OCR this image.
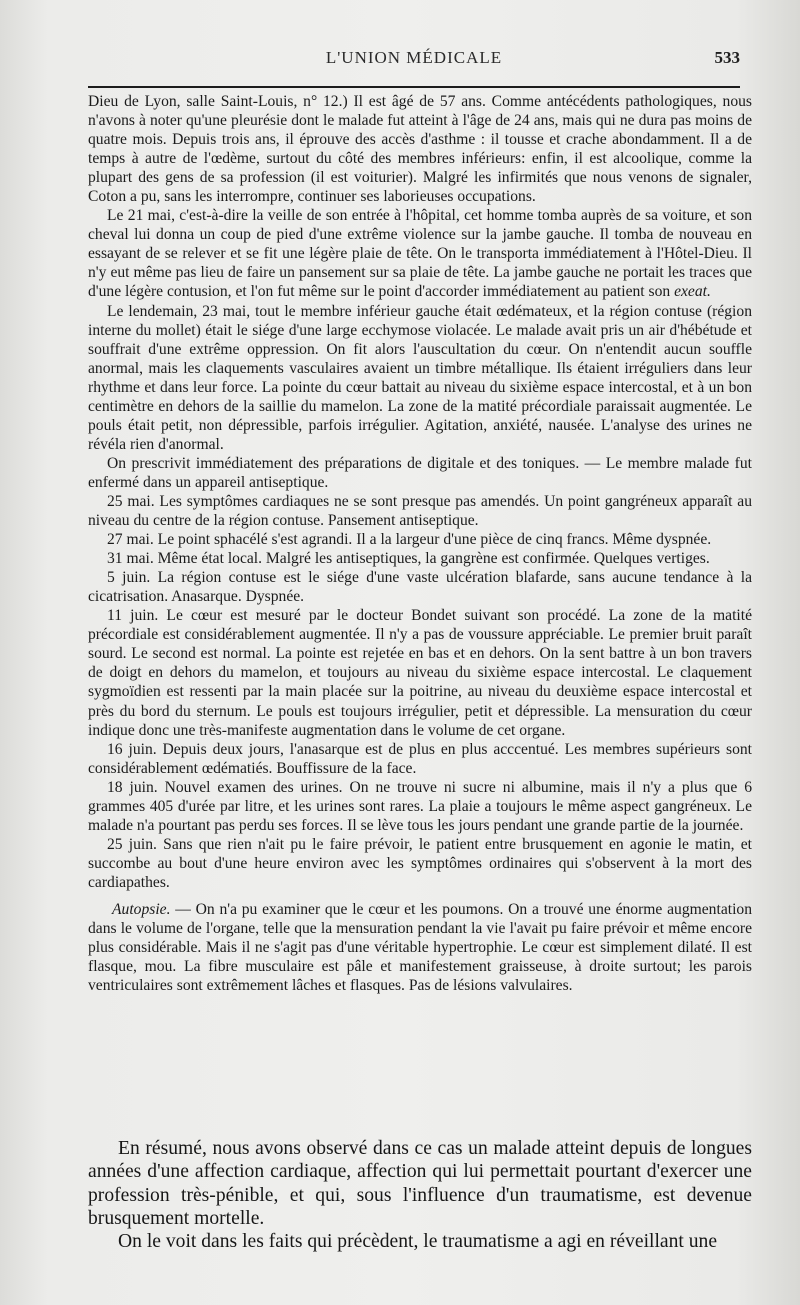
L'UNION MÉDICALE	533

Dieu de Lyon, salle Saint-Louis, n° 12.) Il est âgé de 57 ans. Comme antécédents pathologiques, nous n'avons à noter qu'une pleurésie dont le malade fut atteint à l'âge de 24 ans, mais qui ne dura pas moins de quatre mois. Depuis trois ans, il éprouve des accès d'asthme : il tousse et crache abondamment. Il a de temps à autre de l'œdème, surtout du côté des membres inférieurs: enfin, il est alcoolique, comme la plupart des gens de sa profession (il est voiturier). Malgré les infirmités que nous venons de signaler, Coton a pu, sans les interrompre, continuer ses laborieuses occupations.

Le 21 mai, c'est-à-dire la veille de son entrée à l'hôpital, cet homme tomba auprès de sa voiture, et son cheval lui donna un coup de pied d'une extrême violence sur la jambe gauche. Il tomba de nouveau en essayant de se relever et se fit une légère plaie de tête. On le transporta immédiatement à l'Hôtel-Dieu. Il n'y eut même pas lieu de faire un pansement sur sa plaie de tête. La jambe gauche ne portait les traces que d'une légère contusion, et l'on fut même sur le point d'accorder immédiatement au patient son exeat.

Le lendemain, 23 mai, tout le membre inférieur gauche était œdémateux, et la région contuse (région interne du mollet) était le siége d'une large ecchymose violacée. Le malade avait pris un air d'hébétude et souffrait d'une extrême oppression. On fit alors l'auscultation du cœur. On n'entendit aucun souffle anormal, mais les claquements vasculaires avaient un timbre métallique. Ils étaient irréguliers dans leur rhythme et dans leur force. La pointe du cœur battait au niveau du sixième espace intercostal, et à un bon centimètre en dehors de la saillie du mamelon. La zone de la matité précordiale paraissait augmentée. Le pouls était petit, non dépressible, parfois irrégulier. Agitation, anxiété, nausée. L'analyse des urines ne révéla rien d'anormal.

On prescrivit immédiatement des préparations de digitale et des toniques. — Le membre malade fut enfermé dans un appareil antiseptique.

25 mai. Les symptômes cardiaques ne se sont presque pas amendés. Un point gangréneux apparaît au niveau du centre de la région contuse. Pansement antiseptique.

27 mai. Le point sphacélé s'est agrandi. Il a la largeur d'une pièce de cinq francs. Même dyspnée.

31 mai. Même état local. Malgré les antiseptiques, la gangrène est confirmée. Quelques vertiges.

5 juin. La région contuse est le siége d'une vaste ulcération blafarde, sans aucune tendance à la cicatrisation. Anasarque. Dyspnée.

11 juin. Le cœur est mesuré par le docteur Bondet suivant son procédé. La zone de la matité précordiale est considérablement augmentée. Il n'y a pas de voussure appréciable. Le premier bruit paraît sourd. Le second est normal. La pointe est rejetée en bas et en dehors. On la sent battre à un bon travers de doigt en dehors du mamelon, et toujours au niveau du sixième espace intercostal. Le claquement sygmoïdien est ressenti par la main placée sur la poitrine, au niveau du deuxième espace intercostal et près du bord du sternum. Le pouls est toujours irrégulier, petit et dépressible. La mensuration du cœur indique donc une très-manifeste augmentation dans le volume de cet organe.

16 juin. Depuis deux jours, l'anasarque est de plus en plus acccentué. Les membres supérieurs sont considérablement œdématiés. Bouffissure de la face.

18 juin. Nouvel examen des urines. On ne trouve ni sucre ni albumine, mais il n'y a plus que 6 grammes 405 d'urée par litre, et les urines sont rares. La plaie a toujours le même aspect gangréneux. Le malade n'a pourtant pas perdu ses forces. Il se lève tous les jours pendant une grande partie de la journée.

25 juin. Sans que rien n'ait pu le faire prévoir, le patient entre brusquement en agonie le matin, et succombe au bout d'une heure environ avec les symptômes ordinaires qui s'observent à la mort des cardiapathes.

Autopsie. — On n'a pu examiner que le cœur et les poumons. On a trouvé une énorme augmentation dans le volume de l'organe, telle que la mensuration pendant la vie l'avait pu faire prévoir et même encore plus considérable. Mais il ne s'agit pas d'une véritable hypertrophie. Le cœur est simplement dilaté. Il est flasque, mou. La fibre musculaire est pâle et manifestement graisseuse, à droite surtout; les parois ventriculaires sont extrêmement lâches et flasques. Pas de lésions valvulaires.

En résumé, nous avons observé dans ce cas un malade atteint depuis de longues années d'une affection cardiaque, affection qui lui permettait pourtant d'exercer une profession très-pénible, et qui, sous l'influence d'un traumatisme, est devenue brusquement mortelle.

On le voit dans les faits qui précèdent, le traumatisme a agi en réveillant une
